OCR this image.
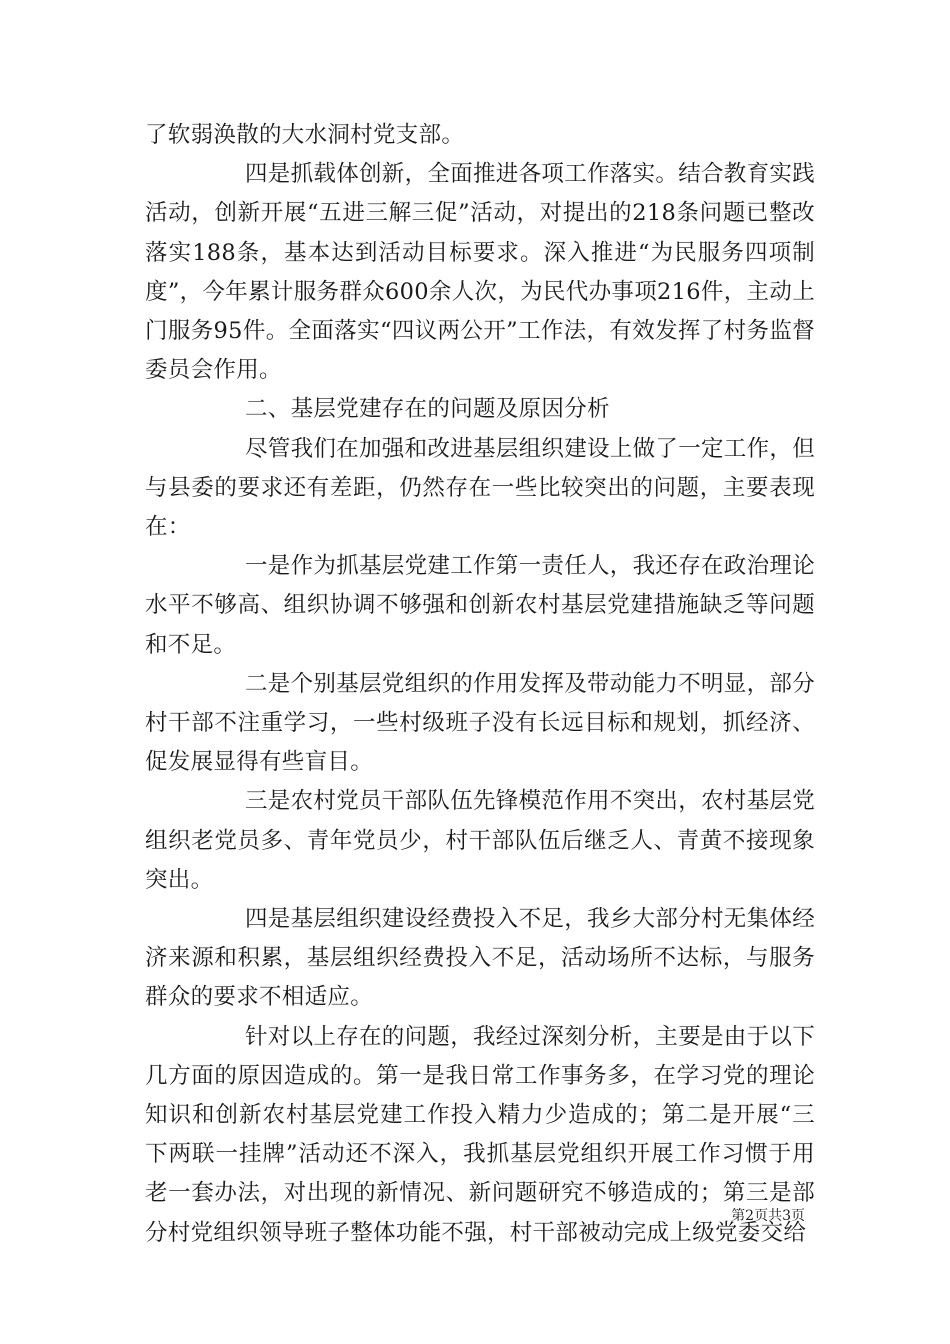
了软弱涣散的大水洞村党支部。

四是抓载体创新，全面推进各项工作落实。结合教育实践活动，创新开展“五进三解三促”活动，对提出的218条问题已整改落实188条，基本达到活动目标要求。深入推进“为民服务四项制度”，今年累计服务群众600余人次，为民代办事项216件，主动上门服务95件。全面落实“四议两公开”工作法，有效发挥了村务监督委员会作用。

二、基层党建存在的问题及原因分析

尽管我们在加强和改进基层组织建设上做了一定工作，但与县委的要求还有差距，仍然存在一些比较突出的问题，主要表现在：

一是作为抓基层党建工作第一责任人，我还存在政治理论水平不够高、组织协调不够强和创新农村基层党建措施缺乏等问题和不足。

二是个别基层党组织的作用发挥及带动能力不明显，部分村干部不注重学习，一些村级班子没有长远目标和规划，抓经济、促发展显得有些盲目。

三是农村党员干部队伍先锋模范作用不突出，农村基层党组织老党员多、青年党员少，村干部队伍后继乏人、青黄不接现象突出。

四是基层组织建设经费投入不足，我乡大部分村无集体经济来源和积累，基层组织经费投入不足，活动场所不达标，与服务群众的要求不相适应。

针对以上存在的问题，我经过深刻分析，主要是由于以下几方面的原因造成的。第一是我日常工作事务多，在学习党的理论知识和创新农村基层党建工作投入精力少造成的；第二是开展“三下两联一挂牌”活动还不深入，我抓基层党组织开展工作习惯于用老一套办法，对出现的新情况、新问题研究不够造成的；第三是部分村党组织领导班子整体功能不强，村干部被动完成上级党委交给

第2页共3页
